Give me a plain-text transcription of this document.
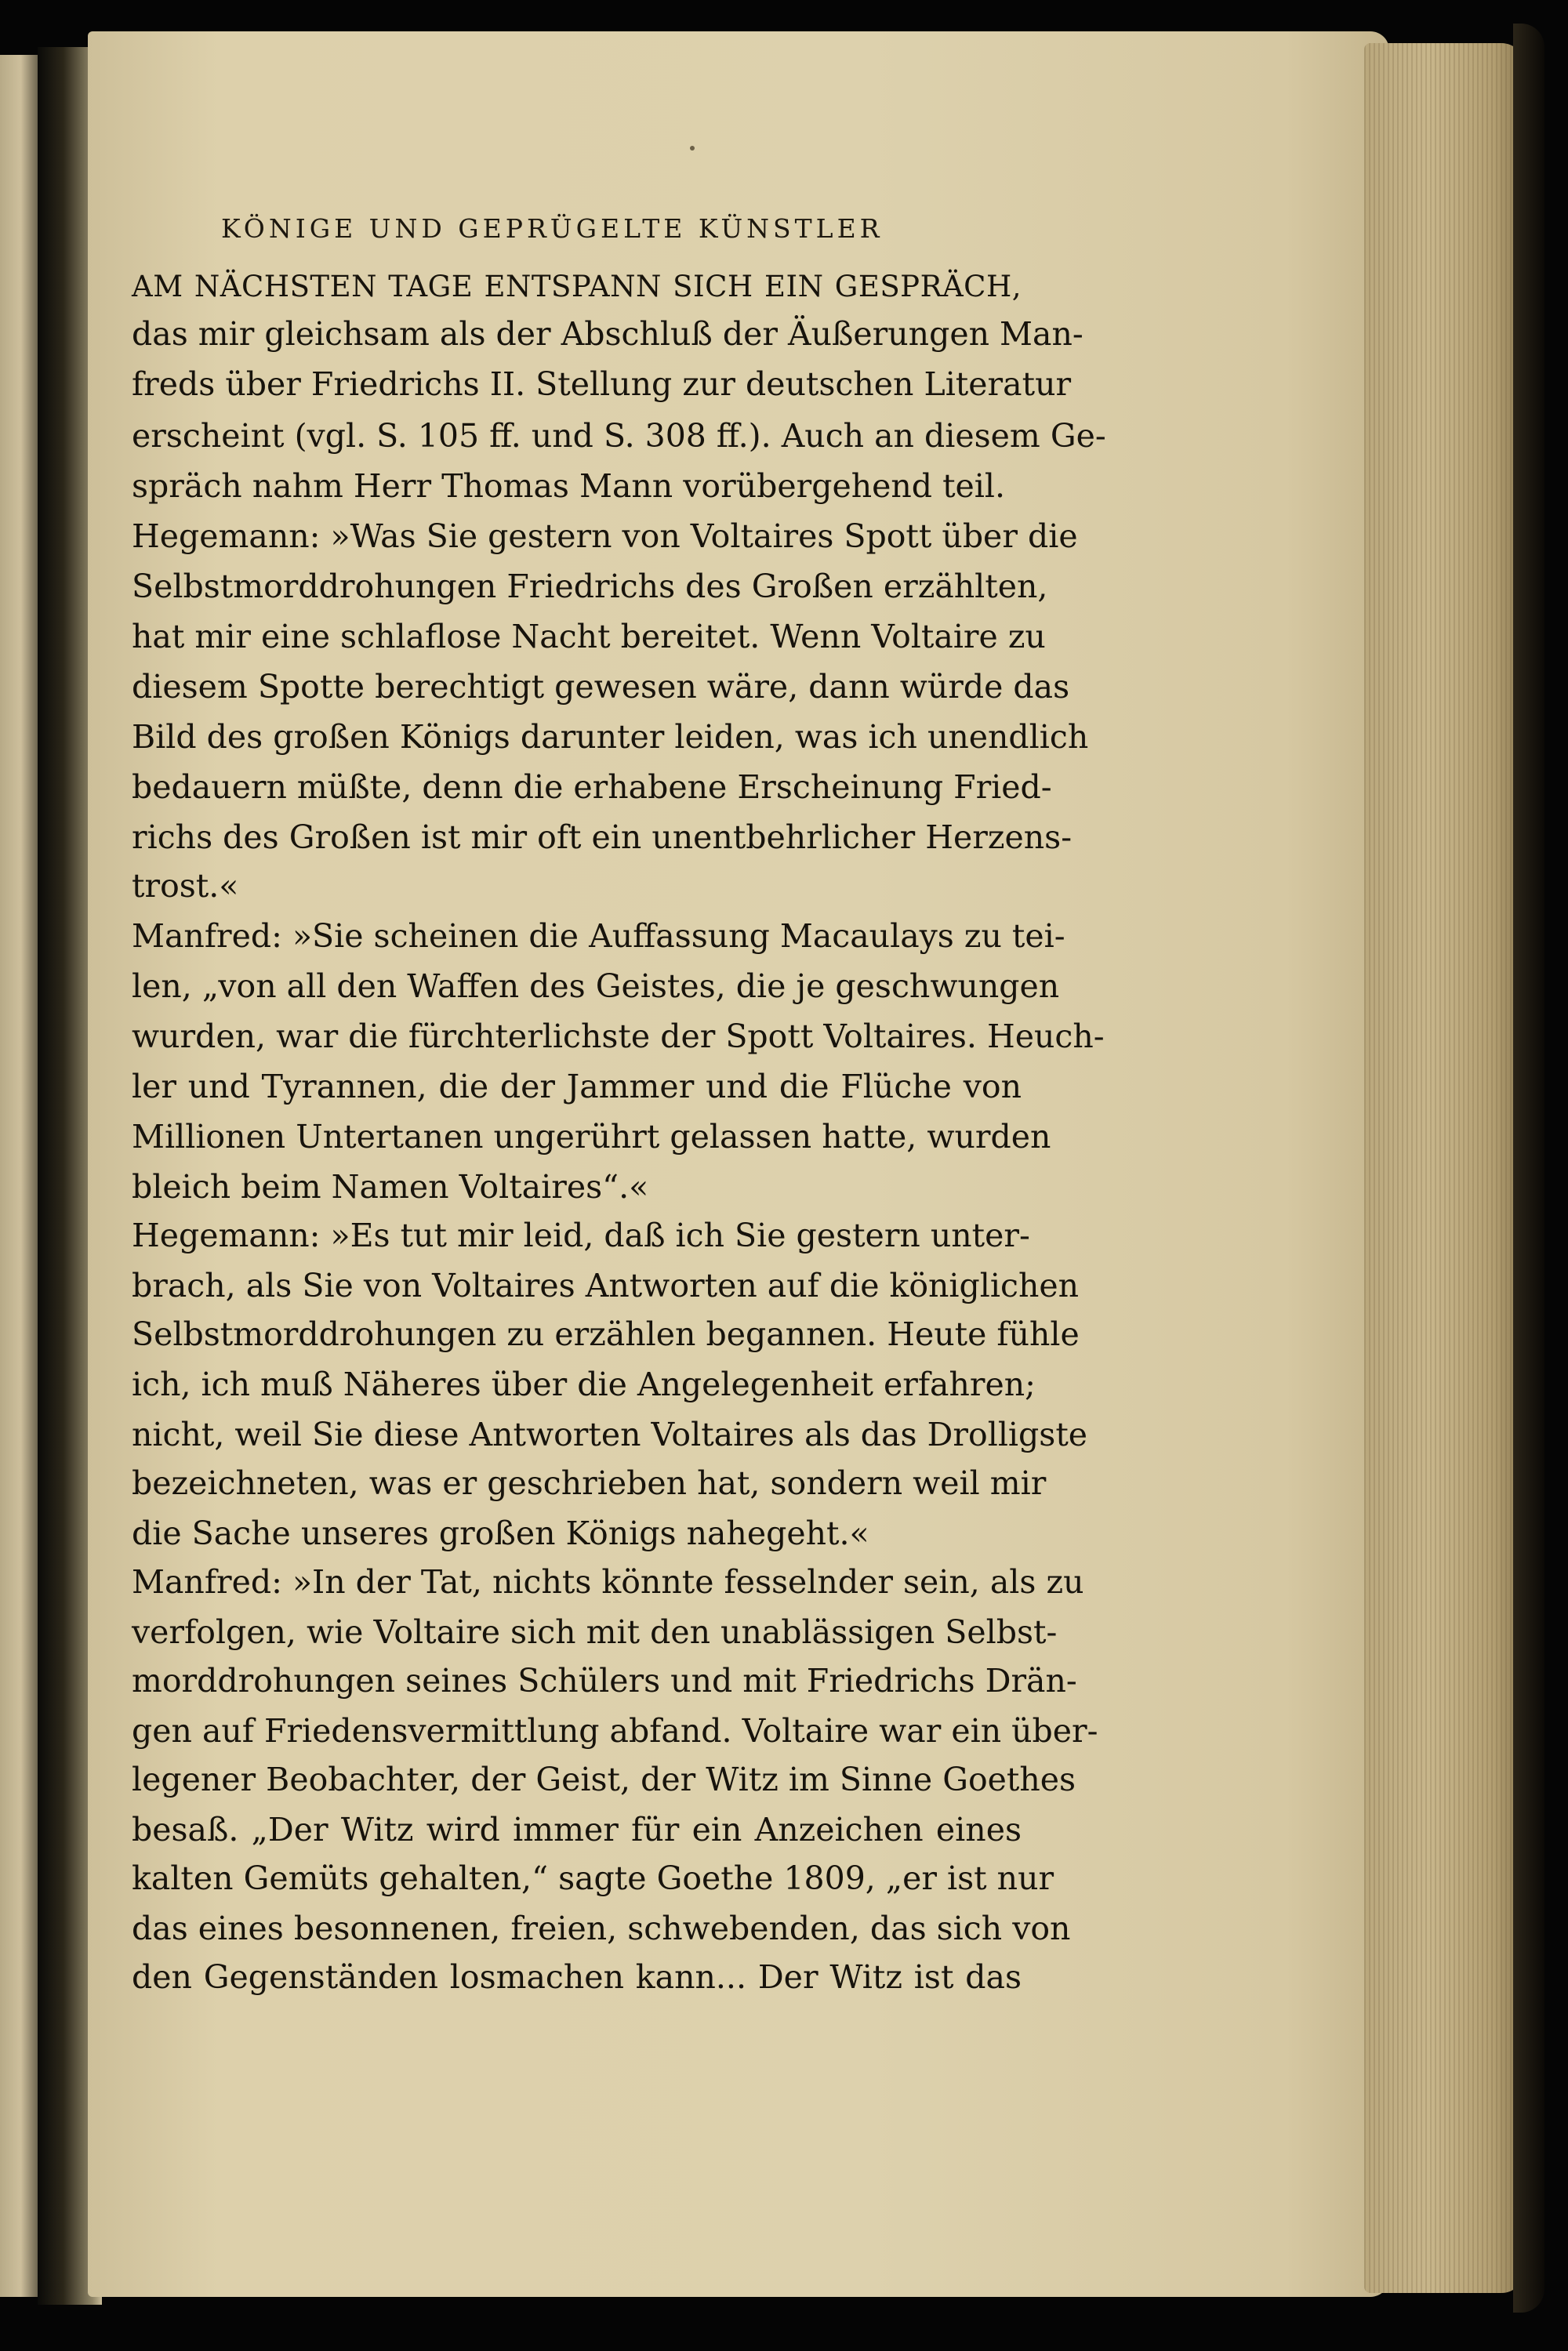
KÖNIGE UND GEPRÜGELTE KÜNSTLER
AM NÄCHSTEN TAGE ENTSPANN SICH EIN GESPRÄCH,
das mir gleichsam als der Abschluß der Äußerungen Man-
freds über Friedrichs II. Stellung zur deutschen Literatur
erscheint (vgl. S. 105 ff. und S. 308 ff.). Auch an diesem Ge-
spräch nahm Herr Thomas Mann vorübergehend teil.
Hegemann: »Was Sie gestern von Voltaires Spott über die
Selbstmorddrohungen Friedrichs des Großen erzählten,
hat mir eine schlaflose Nacht bereitet. Wenn Voltaire zu
diesem Spotte berechtigt gewesen wäre, dann würde das
Bild des großen Königs darunter leiden, was ich unendlich
bedauern müßte, denn die erhabene Erscheinung Fried-
richs des Großen ist mir oft ein unentbehrlicher Herzens-
trost.«
Manfred: »Sie scheinen die Auffassung Macaulays zu tei-
len, „von all den Waffen des Geistes, die je geschwungen
wurden, war die fürchterlichste der Spott Voltaires. Heuch-
ler und Tyrannen, die der Jammer und die Flüche von
Millionen Untertanen ungerührt gelassen hatte, wurden
bleich beim Namen Voltaires“.«
Hegemann: »Es tut mir leid, daß ich Sie gestern unter-
brach, als Sie von Voltaires Antworten auf die königlichen
Selbstmorddrohungen zu erzählen begannen. Heute fühle
ich, ich muß Näheres über die Angelegenheit erfahren;
nicht, weil Sie diese Antworten Voltaires als das Drolligste
bezeichneten, was er geschrieben hat, sondern weil mir
die Sache unseres großen Königs nahegeht.«
Manfred: »In der Tat, nichts könnte fesselnder sein, als zu
verfolgen, wie Voltaire sich mit den unablässigen Selbst-
morddrohungen seines Schülers und mit Friedrichs Drän-
gen auf Friedensvermittlung abfand. Voltaire war ein über-
legener Beobachter, der Geist, der Witz im Sinne Goethes
besaß. „Der Witz wird immer für ein Anzeichen eines
kalten Gemüts gehalten,“ sagte Goethe 1809, „er ist nur
das eines besonnenen, freien, schwebenden, das sich von
den Gegenständen losmachen kann... Der Witz ist das
